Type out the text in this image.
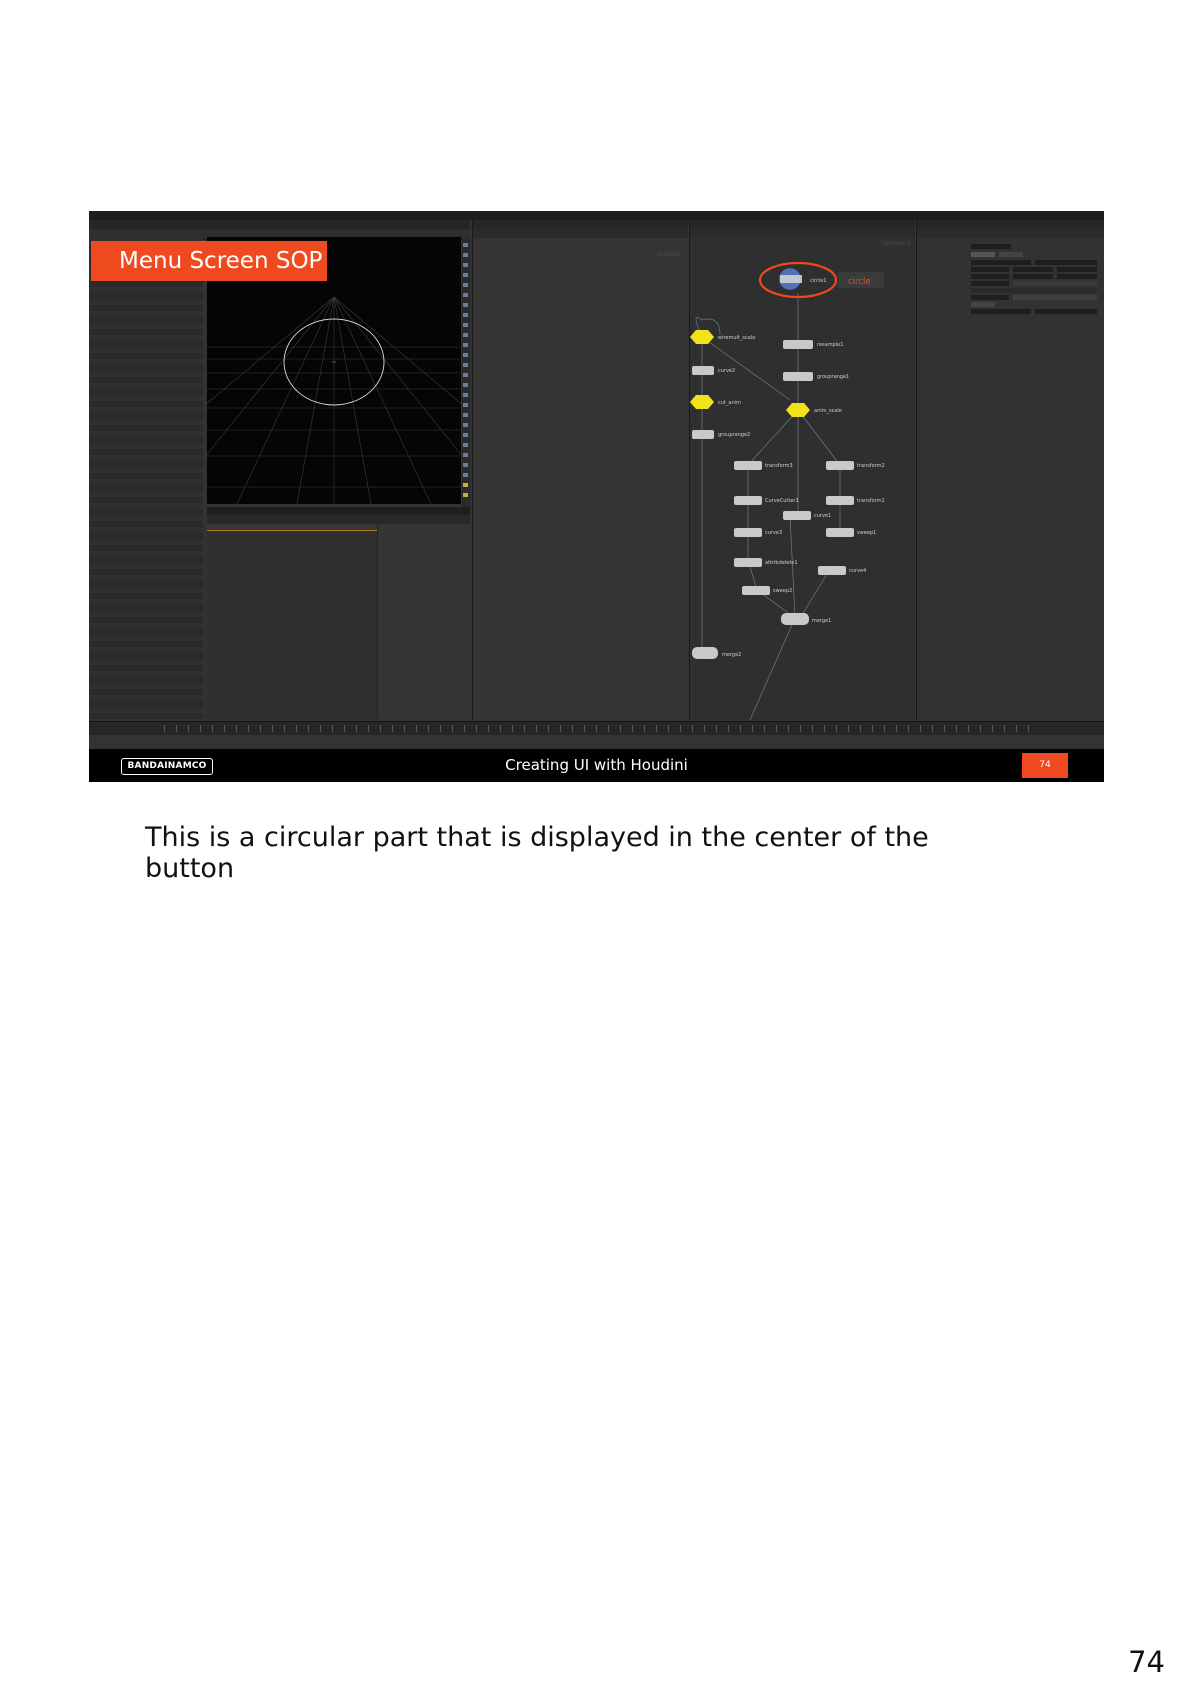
Solaris
Geometry
circle1	circle
resample1
grouprange1
anim_scale
wiremult_scale
curve2
cut_anim
grouprange2
transform3	transform2
CurveCutter1	transform1
curve1
curve3	sweep1
attribdelete1
curve4
sweep2
merge1
merge2
Menu Screen SOP
BANDAINAMCO	Creating UI with Houdini	74
This is a circular part that is displayed in the center of the button
74
